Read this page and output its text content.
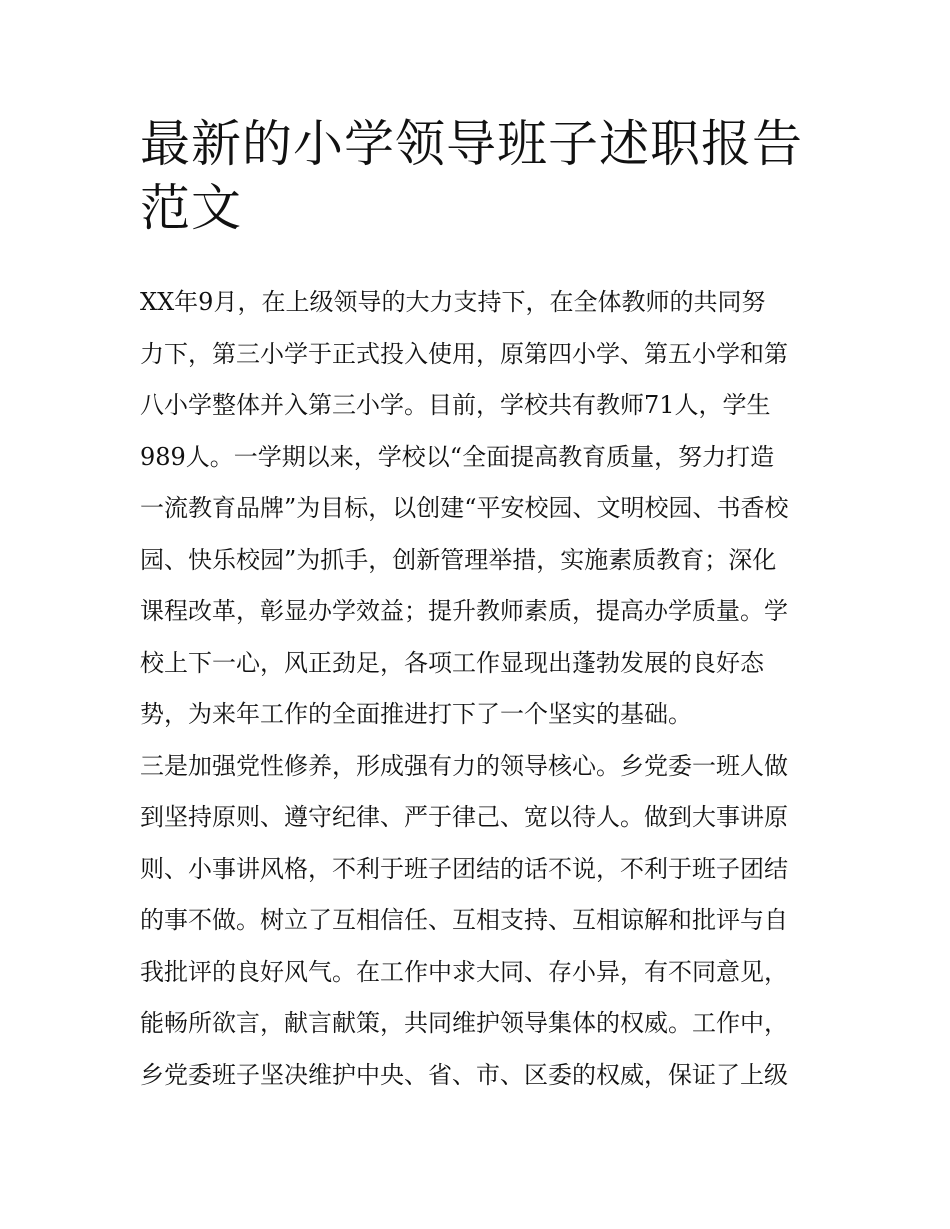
最新的小学领导班子述职报告
范文
XX年9月，在上级领导的大力支持下，在全体教师的共同努
力下，第三小学于正式投入使用，原第四小学、第五小学和第
八小学整体并入第三小学。目前，学校共有教师71人，学生
989人。一学期以来，学校以“全面提高教育质量，努力打造
一流教育品牌”为目标，以创建“平安校园、文明校园、书香校
园、快乐校园”为抓手，创新管理举措，实施素质教育；深化
课程改革，彰显办学效益；提升教师素质，提高办学质量。学
校上下一心，风正劲足，各项工作显现出蓬勃发展的良好态
势，为来年工作的全面推进打下了一个坚实的基础。
三是加强党性修养，形成强有力的领导核心。乡党委一班人做
到坚持原则、遵守纪律、严于律己、宽以待人。做到大事讲原
则、小事讲风格，不利于班子团结的话不说，不利于班子团结
的事不做。树立了互相信任、互相支持、互相谅解和批评与自
我批评的良好风气。在工作中求大同、存小异，有不同意见，
能畅所欲言，献言献策，共同维护领导集体的权威。工作中，
乡党委班子坚决维护中央、省、市、区委的权威，保证了上级
